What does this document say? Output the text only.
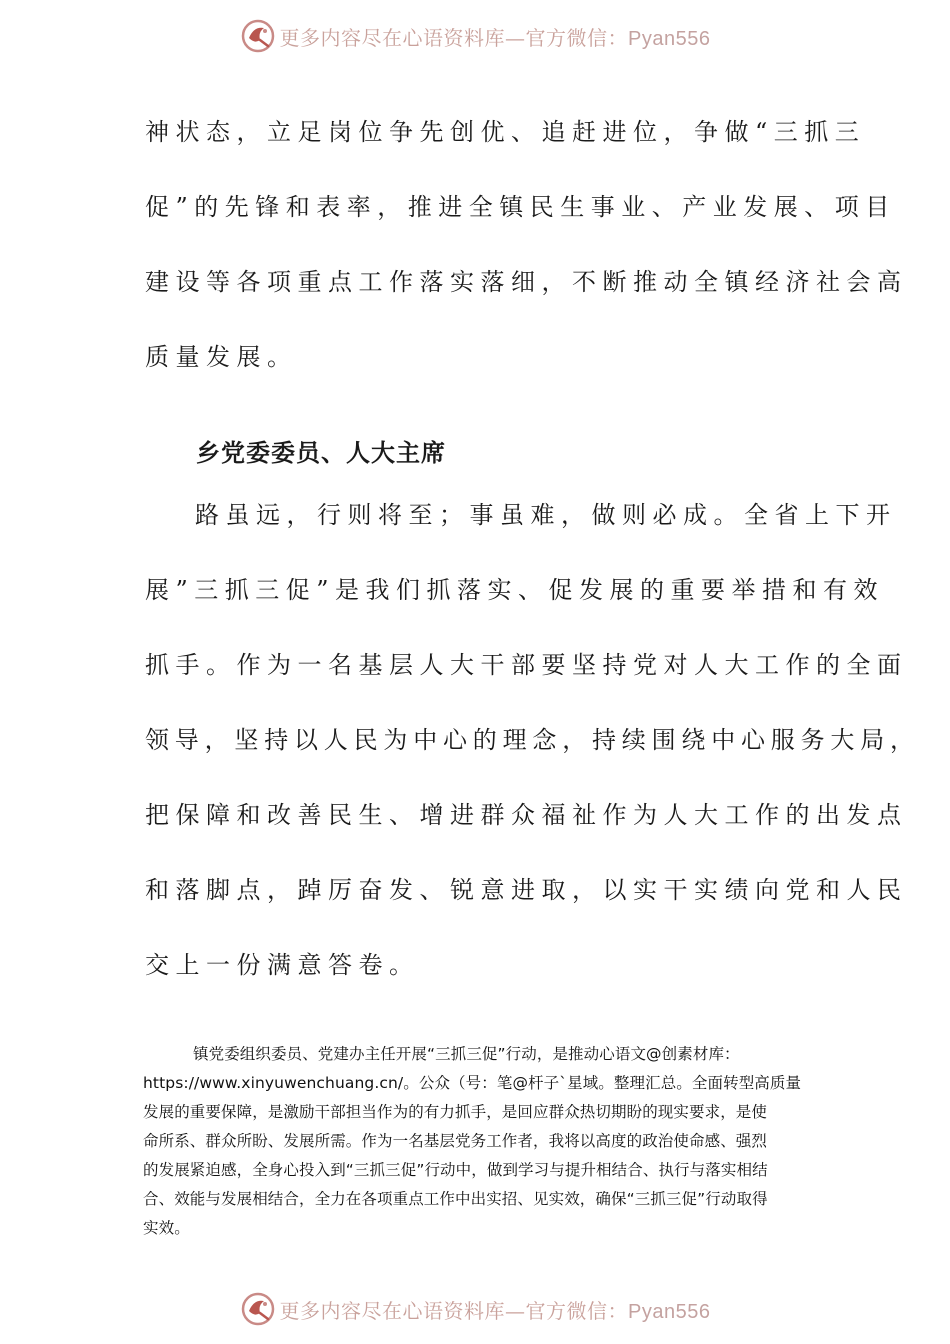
更多内容尽在心语资料库—官方微信：Pyan556

神状态，立足岗位争先创优、追赶进位，争做“三抓三

促”的先锋和表率，推进全镇民生事业、产业发展、项目

建设等各项重点工作落实落细，不断推动全镇经济社会高

质量发展。

乡党委委员、人大主席

路虽远，行则将至；事虽难，做则必成。全省上下开

展”三抓三促”是我们抓落实、促发展的重要举措和有效

抓手。作为一名基层人大干部要坚持党对人大工作的全面

领导，坚持以人民为中心的理念，持续围绕中心服务大局，

把保障和改善民生、增进群众福祉作为人大工作的出发点

和落脚点，踔厉奋发、锐意进取，以实干实绩向党和人民

交上一份满意答卷。

镇党委组织委员、党建办主任开展“三抓三促”行动，是推动心语文@创素材库：
https://www.xinyuwenchuang.cn/。公众（号：笔@杆子`星域。整理汇总。全面转型高质量
发展的重要保障，是激励干部担当作为的有力抓手，是回应群众热切期盼的现实要求，是使
命所系、群众所盼、发展所需。作为一名基层党务工作者，我将以高度的政治使命感、强烈
的发展紧迫感，全身心投入到“三抓三促”行动中，做到学习与提升相结合、执行与落实相结
合、效能与发展相结合，全力在各项重点工作中出实招、见实效，确保“三抓三促”行动取得
实效。

更多内容尽在心语资料库—官方微信：Pyan556
